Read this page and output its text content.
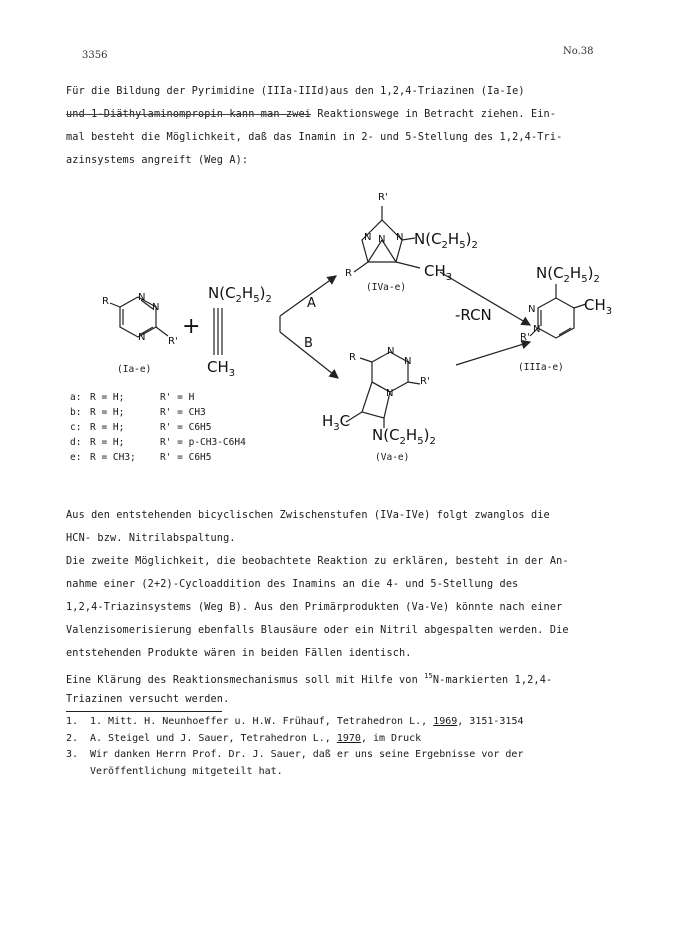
3356	No.38
Für die Bildung der Pyrimidine (IIIa-IIId)aus den 1,2,4-Triazinen (Ia-Ie)
und 1-Diäthylaminompropin kann man zwei Reaktionswege in Betracht ziehen. Ein-
mal besteht die Möglichkeit, daß das Inamin in 2- und 5-Stellung des 1,2,4-Tri-
azinsystems angreift (Weg A):
R	N
N
N R'
+
(Ia-e)
$N(C_2H_5)_2$
$CH_3$
A
B
R'
N N N
R
$N(C_2H_5)_2$
$CH_3$
(IVa-e)
R
N
N
R'
N
$H_3C$
$N(C_2H_5)_2$
(Va-e)
-RCN
$N(C_2H_5)_2$
$CH_3$
N
N
R'
(IIIa-e)
a: R = H;	R' = H
b: R = H;	R' = CH3
c: R = H;	R' = C6H5
d: R = H;	R' = p-CH3-C6H4
e: R = CH3;	R' = C6H5
Aus den entstehenden bicyclischen Zwischenstufen (IVa-IVe) folgt zwanglos die
HCN- bzw. Nitrilabspaltung.
Die zweite Möglichkeit, die beobachtete Reaktion zu erklären, besteht in der An-
nahme einer (2+2)-Cycloaddition des Inamins an die 4- und 5-Stellung des
1,2,4-Triazinsystems (Weg B). Aus den Primärprodukten (Va-Ve) könnte nach einer
Valenzisomerisierung ebenfalls Blausäure oder ein Nitril abgespalten werden. Die
entstehenden Produkte wären in beiden Fällen identisch.
Eine Klärung des Reaktionsmechanismus soll mit Hilfe von $^{15}$N-markierten 1,2,4-
Triazinen versucht werden.
1. 1. Mitt. H. Neunhoeffer u. H.W. Frühauf, Tetrahedron L., 1969, 3151-3154
2. A. Steigel und J. Sauer, Tetrahedron L., 1970, im Druck
3. Wir danken Herrn Prof. Dr. J. Sauer, daß er uns seine Ergebnisse vor der
Veröffentlichung mitgeteilt hat.
